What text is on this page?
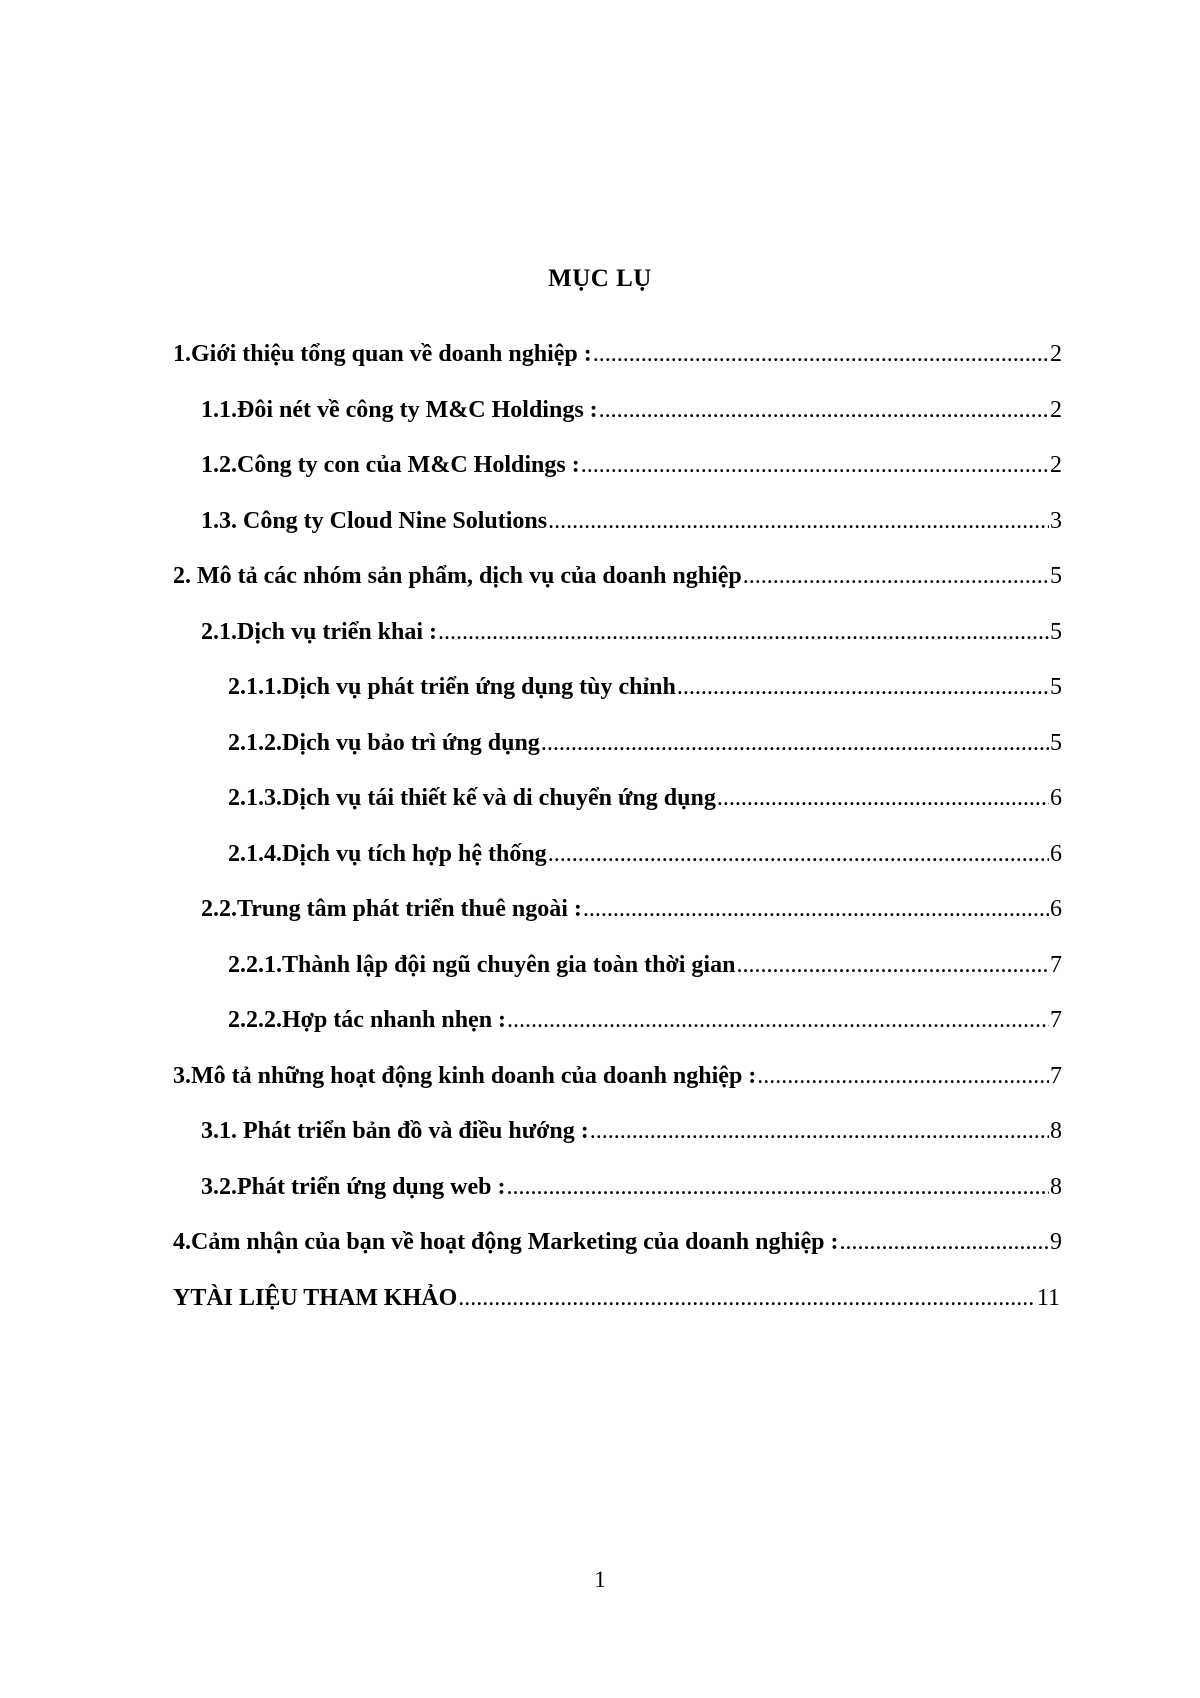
MỤC LỤ
1.Giới thiệu tổng quan về doanh nghiệp : .....	2
1.1.Đôi nét về công ty M&C Holdings : .....	2
1.2.Công ty con của M&C Holdings : .....	2
1.3. Công ty Cloud Nine Solutions .....	3
2. Mô tả các nhóm sản phẩm, dịch vụ của doanh nghiệp .....	5
2.1.Dịch vụ triển khai : .....	5
2.1.1.Dịch vụ phát triển ứng dụng tùy chỉnh .....	5
2.1.2.Dịch vụ bảo trì ứng dụng .....	5
2.1.3.Dịch vụ tái thiết kế và di chuyển ứng dụng .....	6
2.1.4.Dịch vụ tích hợp hệ thống .....	6
2.2.Trung tâm phát triển thuê ngoài : .....	6
2.2.1.Thành lập đội ngũ chuyên gia toàn thời gian .....	7
2.2.2.Hợp tác nhanh nhẹn : .....	7
3.Mô tả những hoạt động kinh doanh của doanh nghiệp : .....	7
3.1. Phát triển bản đồ và điều hướng : .....	8
3.2.Phát triển ứng dụng web : .....	8
4.Cảm nhận của bạn về hoạt động Marketing của doanh nghiệp : .....	9
YTÀI LIỆU THAM KHẢO .....	11

1
